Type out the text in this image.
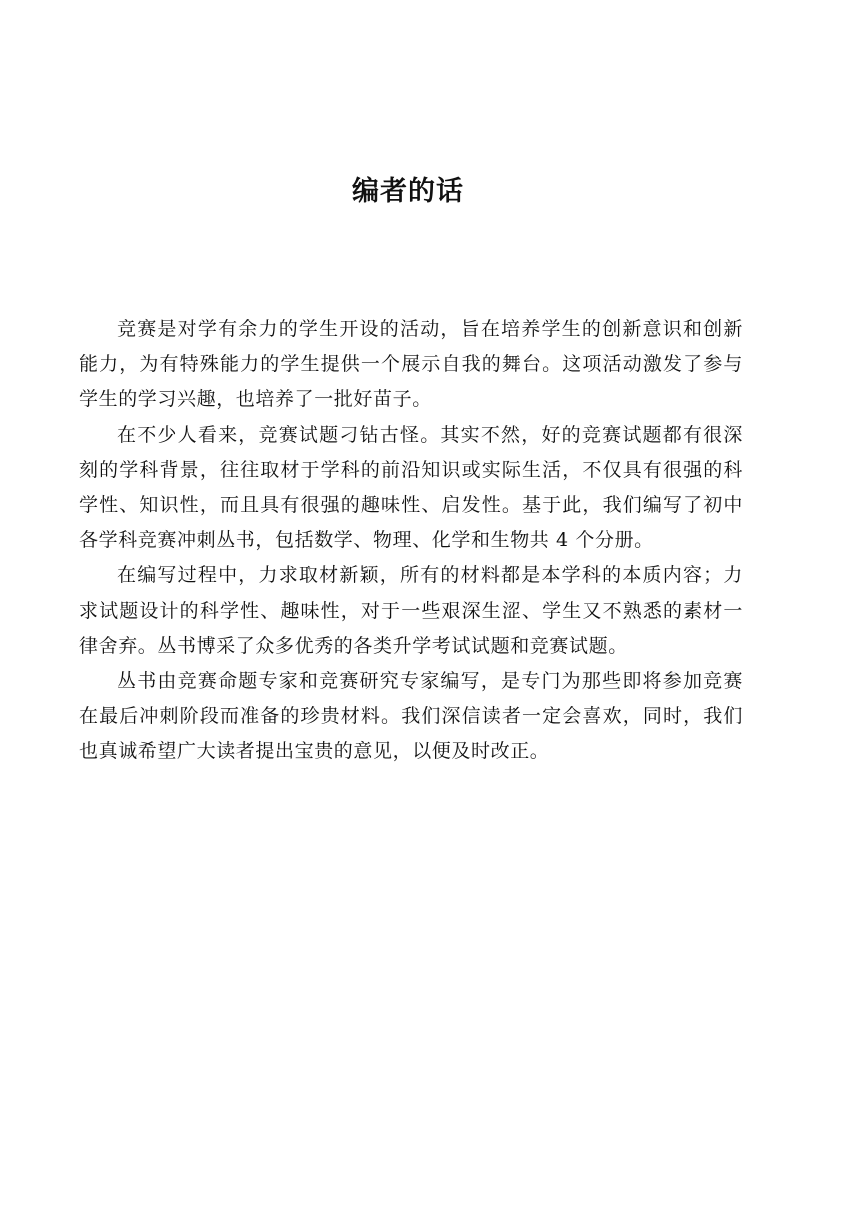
编者的话

竞赛是对学有余力的学生开设的活动，旨在培养学生的创新意识和创新能力，为有特殊能力的学生提供一个展示自我的舞台。这项活动激发了参与学生的学习兴趣，也培养了一批好苗子。

在不少人看来，竞赛试题刁钻古怪。其实不然，好的竞赛试题都有很深刻的学科背景，往往取材于学科的前沿知识或实际生活，不仅具有很强的科学性、知识性，而且具有很强的趣味性、启发性。基于此，我们编写了初中各学科竞赛冲刺丛书，包括数学、物理、化学和生物共 4 个分册。

在编写过程中，力求取材新颖，所有的材料都是本学科的本质内容；力求试题设计的科学性、趣味性，对于一些艰深生涩、学生又不熟悉的素材一律舍弃。丛书博采了众多优秀的各类升学考试试题和竞赛试题。

丛书由竞赛命题专家和竞赛研究专家编写，是专门为那些即将参加竞赛在最后冲刺阶段而准备的珍贵材料。我们深信读者一定会喜欢，同时，我们也真诚希望广大读者提出宝贵的意见，以便及时改正。
